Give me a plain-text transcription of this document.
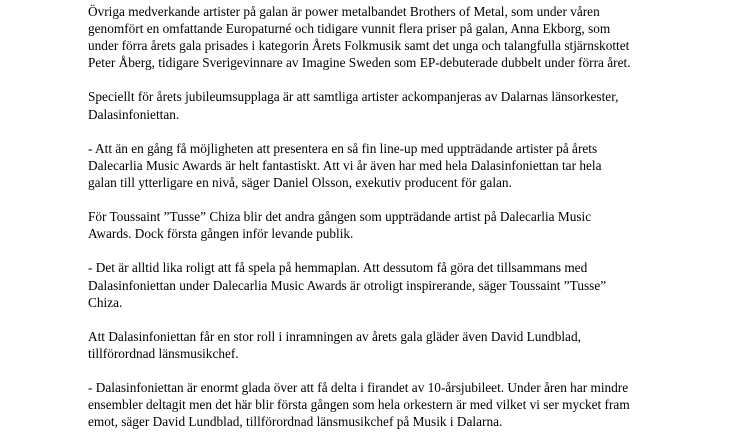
Övriga medverkande artister på galan är power metalbandet Brothers of Metal, som under våren
genomfört en omfattande Europaturné och tidigare vunnit flera priser på galan, Anna Ekborg, som
under förra årets gala prisades i kategorin Årets Folkmusik samt det unga och talangfulla stjärnskottet
Peter Åberg, tidigare Sverigevinnare av Imagine Sweden som EP-debuterade dubbelt under förra året.

Speciellt för årets jubileumsupplaga är att samtliga artister ackompanjeras av Dalarnas länsorkester,
Dalasinfoniettan.

- Att än en gång få möjligheten att presentera en så fin line-up med uppträdande artister på årets
Dalecarlia Music Awards är helt fantastiskt. Att vi år även har med hela Dalasinfoniettan tar hela
galan till ytterligare en nivå, säger Daniel Olsson, exekutiv producent för galan.

För Toussaint ”Tusse” Chiza blir det andra gången som uppträdande artist på Dalecarlia Music
Awards. Dock första gången inför levande publik.

- Det är alltid lika roligt att få spela på hemmaplan. Att dessutom få göra det tillsammans med
Dalasinfoniettan under Dalecarlia Music Awards är otroligt inspirerande, säger Toussaint ”Tusse”
Chiza.

Att Dalasinfoniettan får en stor roll i inramningen av årets gala gläder även David Lundblad,
tillförordnad länsmusikchef.

- Dalasinfoniettan är enormt glada över att få delta i firandet av 10-årsjubileet. Under åren har mindre
ensembler deltagit men det här blir första gången som hela orkestern är med vilket vi ser mycket fram
emot, säger David Lundblad, tillförordnad länsmusikchef på Musik i Dalarna.
